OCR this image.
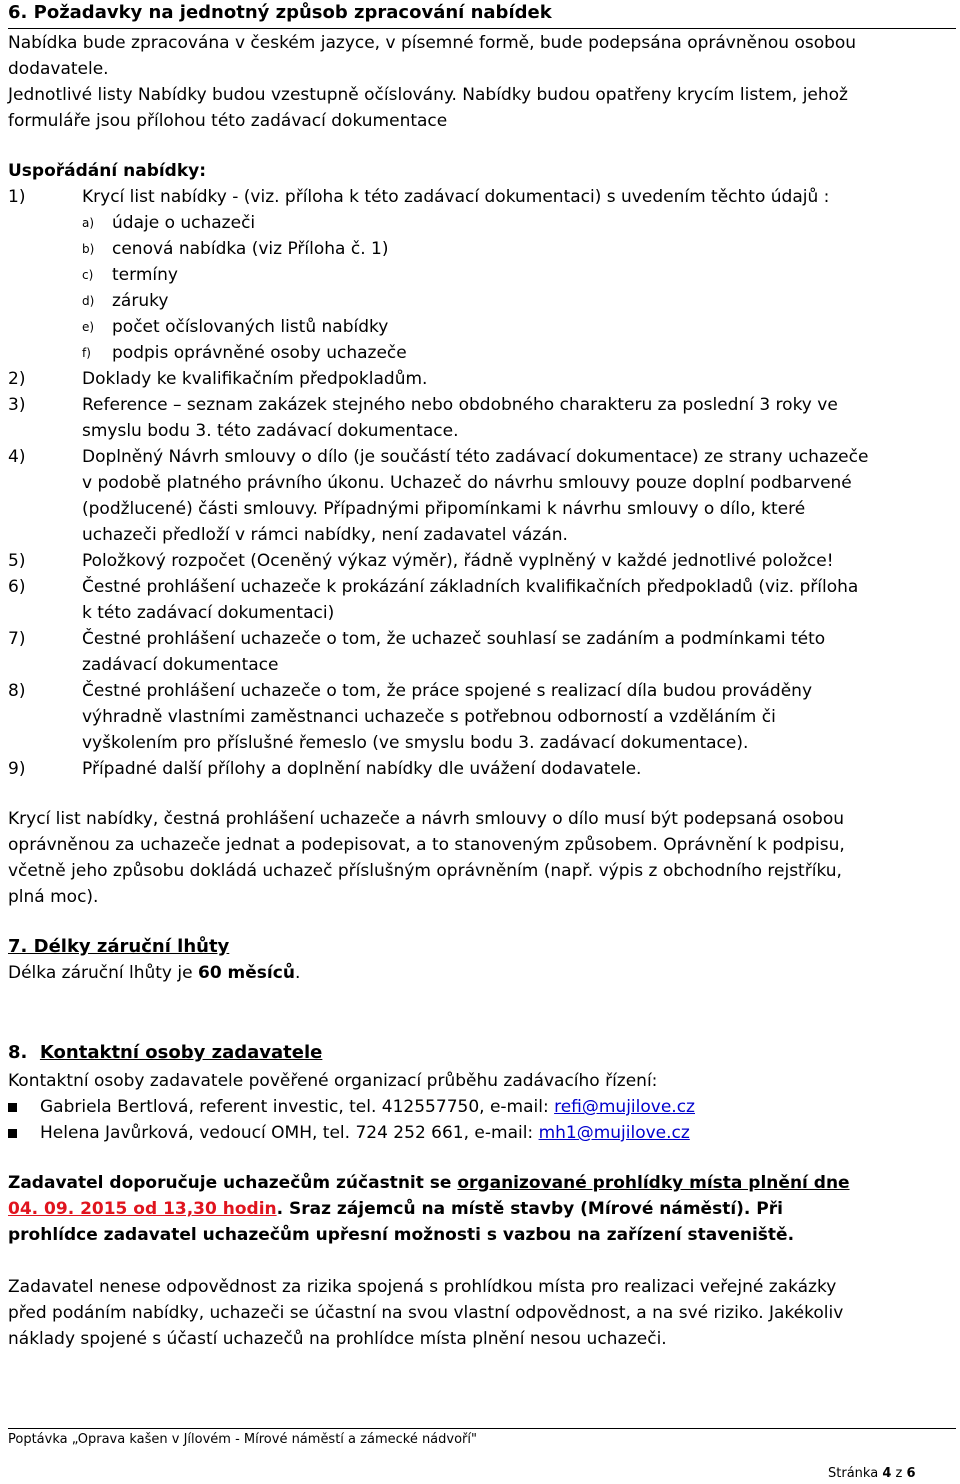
6. Požadavky na jednotný způsob zpracování nabídek
Nabídka bude zpracována v českém jazyce, v písemné formě, bude podepsána oprávněnou osobou
dodavatele.
Jednotlivé listy Nabídky budou vzestupně očíslovány. Nabídky budou opatřeny krycím listem, jehož
formuláře jsou přílohou této zadávací dokumentace
Uspořádání nabídky:
1)	Krycí list nabídky - (viz. příloha k této zadávací dokumentaci) s uvedením těchto údajů :
a) údaje o uchazeči
b) cenová nabídka (viz Příloha č. 1)
c) termíny
d) záruky
e) počet očíslovaných listů nabídky
f) podpis oprávněné osoby uchazeče
2)	Doklady ke kvalifikačním předpokladům.
3)	Reference – seznam zakázek stejného nebo obdobného charakteru za poslední 3 roky ve
smyslu bodu 3. této zadávací dokumentace.
4)	Doplněný Návrh smlouvy o dílo (je součástí této zadávací dokumentace) ze strany uchazeče
v podobě platného právního úkonu. Uchazeč do návrhu smlouvy pouze doplní podbarvené
(podžlucené) části smlouvy. Případnými připomínkami k návrhu smlouvy o dílo, které
uchazeči předloží v rámci nabídky, není zadavatel vázán.
5)	Položkový rozpočet (Oceněný výkaz výměr), řádně vyplněný v každé jednotlivé položce!
6)	Čestné prohlášení uchazeče k prokázání základních kvalifikačních předpokladů (viz. příloha
k této zadávací dokumentaci)
7)	Čestné prohlášení uchazeče o tom, že uchazeč souhlasí se zadáním a podmínkami této
zadávací dokumentace
8)	Čestné prohlášení uchazeče o tom, že práce spojené s realizací díla budou prováděny
výhradně vlastními zaměstnanci uchazeče s potřebnou odborností a vzděláním či
vyškolením pro příslušné řemeslo (ve smyslu bodu 3. zadávací dokumentace).
9)	Případné další přílohy a doplnění nabídky dle uvážení dodavatele.
Krycí list nabídky, čestná prohlášení uchazeče a návrh smlouvy o dílo musí být podepsaná osobou
oprávněnou za uchazeče jednat a podepisovat, a to stanoveným způsobem. Oprávnění k podpisu,
včetně jeho způsobu dokládá uchazeč příslušným oprávněním (např. výpis z obchodního rejstříku,
plná moc).
7. Délky záruční lhůty
Délka záruční lhůty je 60 měsíců.
8. Kontaktní osoby zadavatele
Kontaktní osoby zadavatele pověřené organizací průběhu zadávacího řízení:
Gabriela Bertlová, referent investic, tel. 412557750, e-mail: refi@mujilove.cz
Helena Javůrková, vedoucí OMH, tel. 724 252 661, e-mail: mh1@mujilove.cz
Zadavatel doporučuje uchazečům zúčastnit se organizované prohlídky místa plnění dne
04. 09. 2015 od 13,30 hodin. Sraz zájemců na místě stavby (Mírové náměstí). Při
prohlídce zadavatel uchazečům upřesní možnosti s vazbou na zařízení staveniště.
Zadavatel nenese odpovědnost za rizika spojená s prohlídkou místa pro realizaci veřejné zakázky
před podáním nabídky, uchazeči se účastní na svou vlastní odpovědnost, a na své riziko. Jakékoliv
náklady spojené s účastí uchazečů na prohlídce místa plnění nesou uchazeči.
Poptávka „Oprava kašen v Jílovém - Mírové náměstí a zámecké nádvoří"
Stránka 4 z 6
